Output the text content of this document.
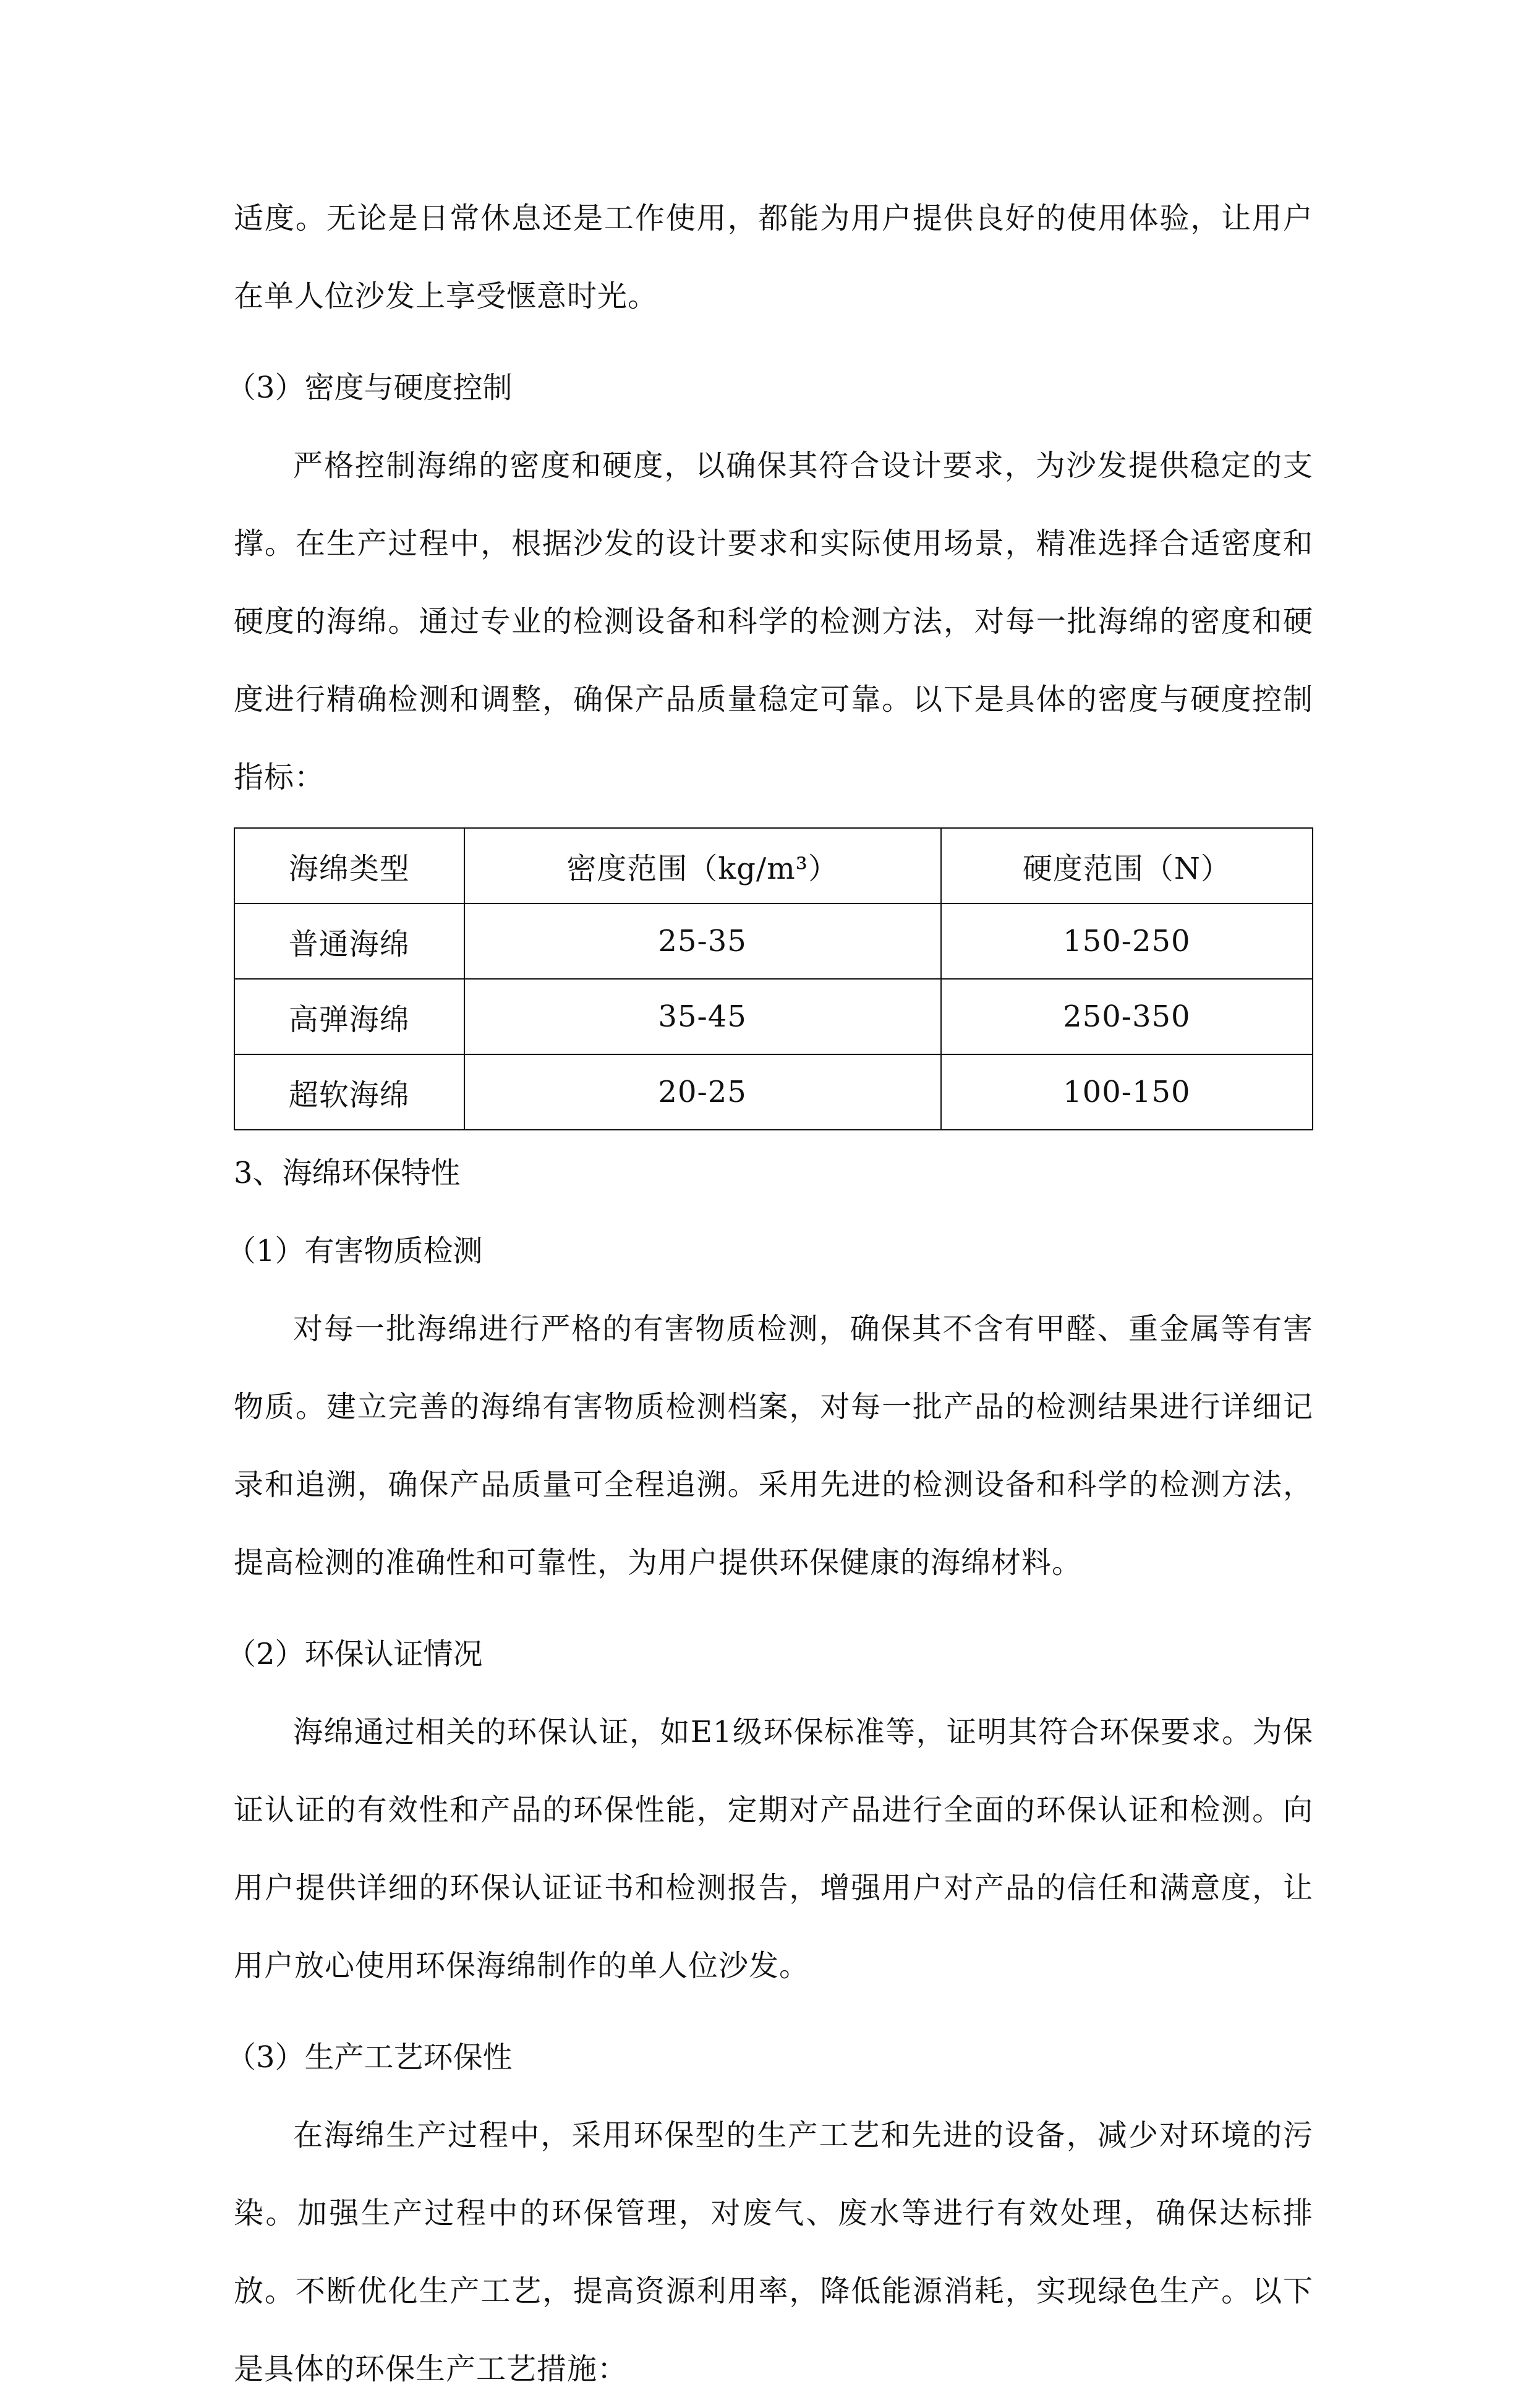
适度。无论是日常休息还是工作使用，都能为用户提供良好的使用体验，让用户在单人位沙发上享受惬意时光。

（3）密度与硬度控制

严格控制海绵的密度和硬度，以确保其符合设计要求，为沙发提供稳定的支撑。在生产过程中，根据沙发的设计要求和实际使用场景，精准选择合适密度和硬度的海绵。通过专业的检测设备和科学的检测方法，对每一批海绵的密度和硬度进行精确检测和调整，确保产品质量稳定可靠。以下是具体的密度与硬度控制指标：

海绵类型	密度范围（kg/m³）	硬度范围（N）
普通海绵	25-35	150-250
高弹海绵	35-45	250-350
超软海绵	20-25	100-150

3、海绵环保特性

（1）有害物质检测

对每一批海绵进行严格的有害物质检测，确保其不含有甲醛、重金属等有害物质。建立完善的海绵有害物质检测档案，对每一批产品的检测结果进行详细记录和追溯，确保产品质量可全程追溯。采用先进的检测设备和科学的检测方法，提高检测的准确性和可靠性，为用户提供环保健康的海绵材料。

（2）环保认证情况

海绵通过相关的环保认证，如E1级环保标准等，证明其符合环保要求。为保证认证的有效性和产品的环保性能，定期对产品进行全面的环保认证和检测。向用户提供详细的环保认证证书和检测报告，增强用户对产品的信任和满意度，让用户放心使用环保海绵制作的单人位沙发。

（3）生产工艺环保性

在海绵生产过程中，采用环保型的生产工艺和先进的设备，减少对环境的污染。加强生产过程中的环保管理，对废气、废水等进行有效处理，确保达标排放。不断优化生产工艺，提高资源利用率，降低能源消耗，实现绿色生产。以下是具体的环保生产工艺措施：
